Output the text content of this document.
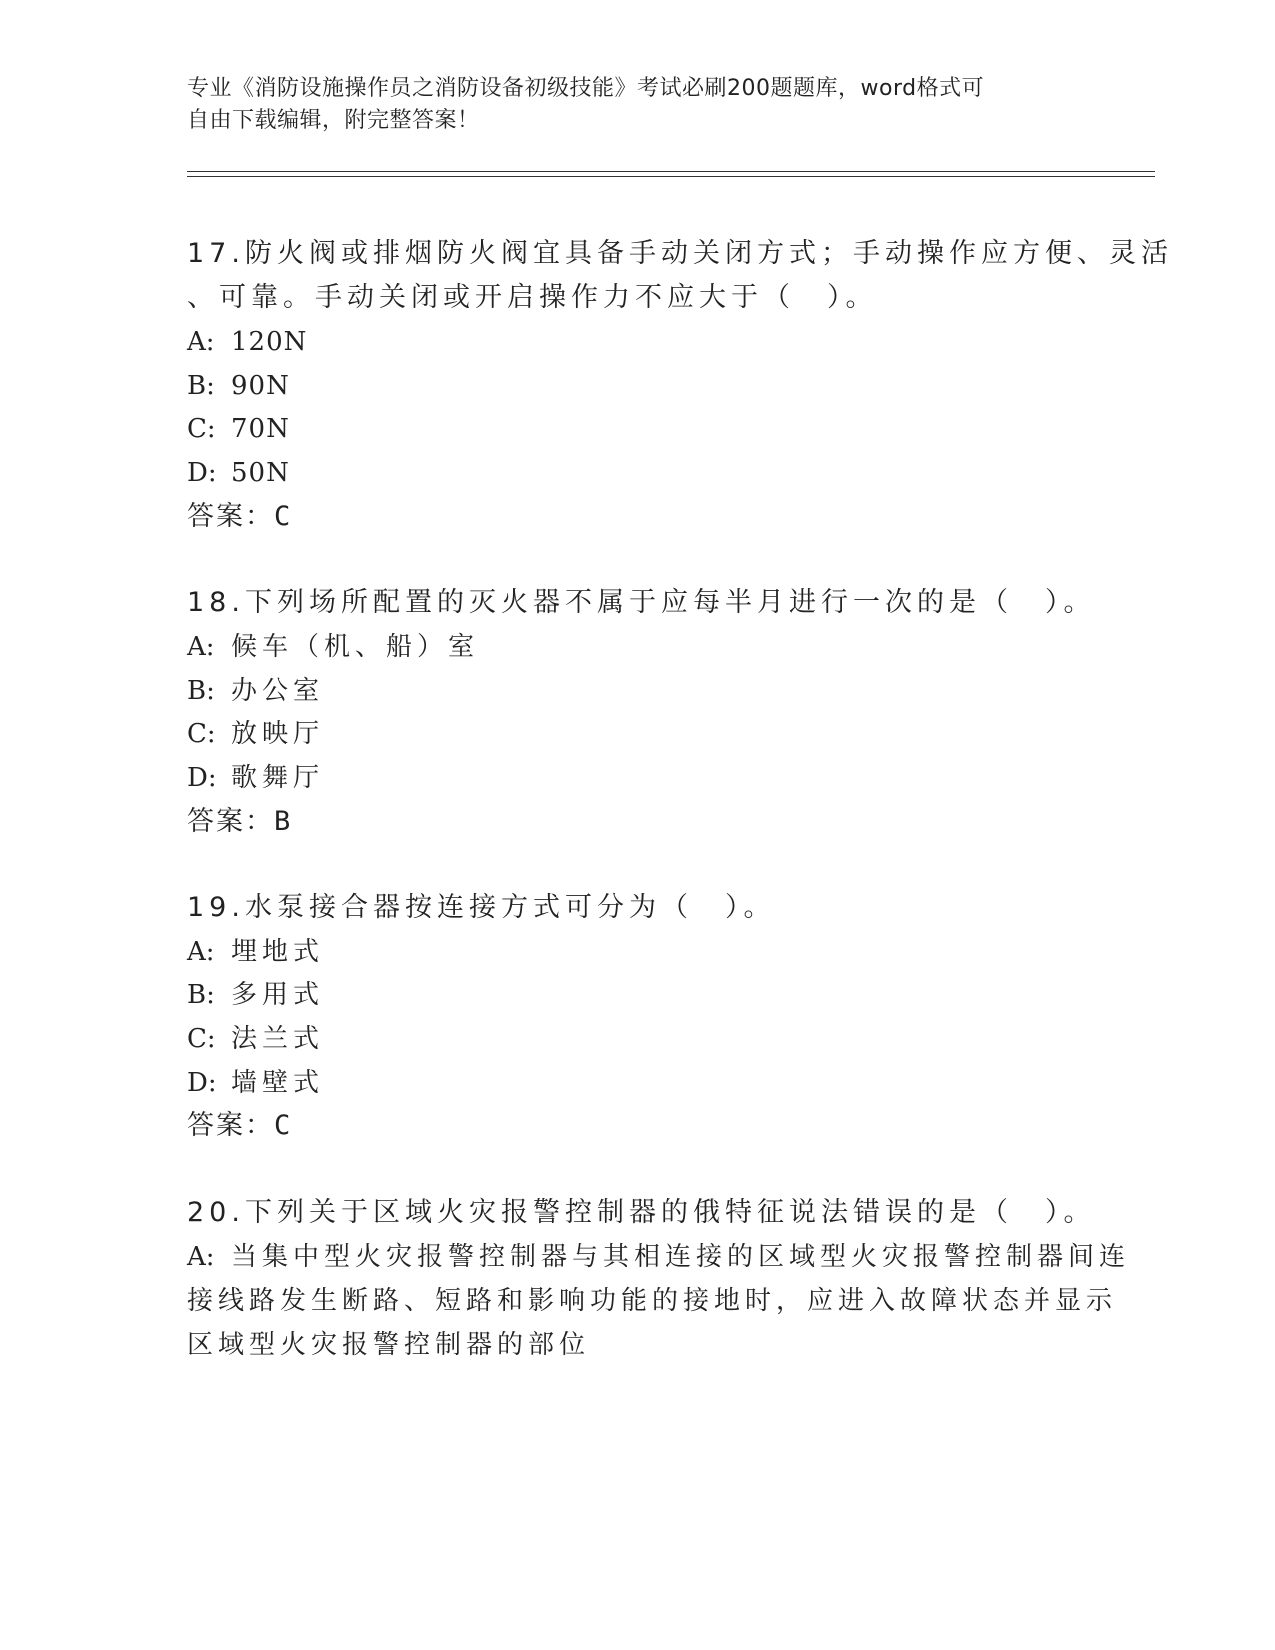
专业《消防设施操作员之消防设备初级技能》考试必刷200题题库，word格式可
自由下载编辑，附完整答案！
17.防火阀或排烟防火阀宜具备手动关闭方式；手动操作应方便、灵活
、可靠。手动关闭或开启操作力不应大于（　）。
A: 120N
B: 90N
C: 70N
D: 50N
答案：C
18.下列场所配置的灭火器不属于应每半月进行一次的是（　）。
A: 候车（机、船）室
B: 办公室
C: 放映厅
D: 歌舞厅
答案：B
19.水泵接合器按连接方式可分为（　）。
A: 埋地式
B: 多用式
C: 法兰式
D: 墙壁式
答案：C
20.下列关于区域火灾报警控制器的俄特征说法错误的是（　）。
A: 当集中型火灾报警控制器与其相连接的区域型火灾报警控制器间连
接线路发生断路、短路和影响功能的接地时，应进入故障状态并显示
区域型火灾报警控制器的部位
